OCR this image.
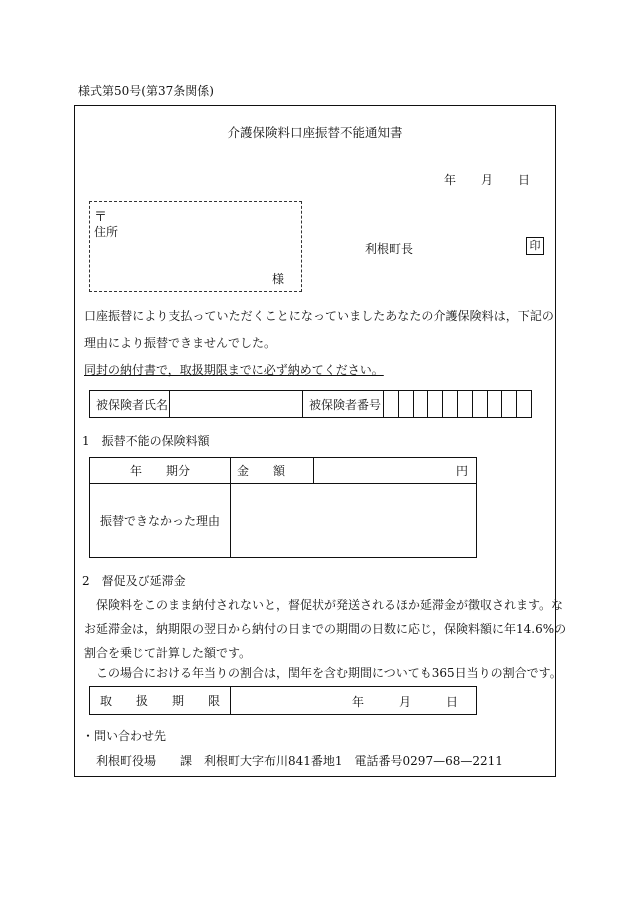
様式第50号(第37条関係)
介護保険料口座振替不能通知書
年 月 日
〒
住所
様
利根町長	印
口座振替により支払っていただくことになっていましたあなたの介護保険料は，下記の
理由により振替できませんでした。
同封の納付書で，取扱期限までに必ず納めてください。
被保険者氏名		被保険者番号										
1　振替不能の保険料額
年　　期分	金　　額	円
振替できなかった理由		
2　督促及び延滞金
保険料をこのまま納付されないと，督促状が発送されるほか延滞金が徴収されます。な
お延滞金は，納期限の翌日から納付の日までの期間の日数に応じ，保険料額に年14.6%の
割合を乗じて計算した額です。
この場合における年当りの割合は，閏年を含む期間についても365日当りの割合です。
取　　扱　　期　　限	年	月	日
・問い合わせ先
利根町役場　　課　利根町大字布川841番地1　電話番号0297—68—2211
